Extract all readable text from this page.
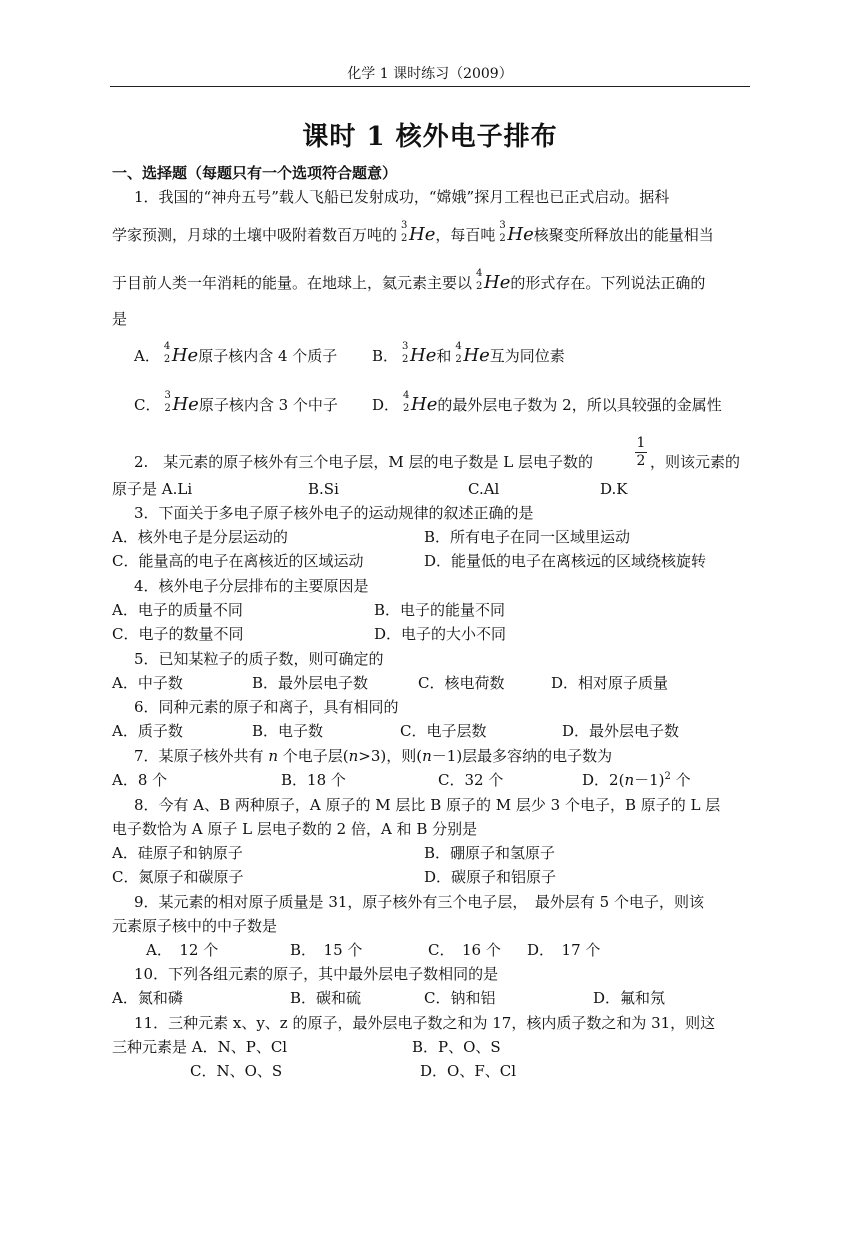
化学 1 课时练习（2009）
课时 1 核外电子排布
一、选择题（每题只有一个选项符合题意）
1．我国的“神舟五号”载人飞船已发射成功，“嫦娥”探月工程也已正式启动。据科
学家预测，月球的土壤中吸附着数百万吨的
3
2 He，每百吨
3
2 He核聚变所释放出的能量相当
于目前人类一年消耗的能量。在地球上，氦元素主要以
4
2 He的形式存在。下列说法正确的
是
A．
4
2 He原子核内含 4 个质子 B．
3
2 He和
4
2 He互为同位素
C．
3
2 He原子核内含 3 个中子 D．
4
2 He的最外层电子数为 2，所以具较强的金属性
2.　某元素的原子核外有三个电子层，M 层的电子数是 L 层电子数的
1
2 ，则该元素的
原子是 A.Li	B.Si	C.Al	D.K
3．下面关于多电子原子核外电子的运动规律的叙述正确的是
A．核外电子是分层运动的	B．所有电子在同一区域里运动
C．能量高的电子在离核近的区域运动	D．能量低的电子在离核远的区域绕核旋转
4．核外电子分层排布的主要原因是
A．电子的质量不同	B．电子的能量不同
C．电子的数量不同	D．电子的大小不同
5．已知某粒子的质子数，则可确定的
A．中子数	B．最外层电子数	C．核电荷数	D．相对原子质量
6．同种元素的原子和离子，具有相同的
A．质子数	B．电子数	C．电子层数	D．最外层电子数
7．某原子核外共有 n 个电子层(n>3)，则(n－1)层最多容纳的电子数为
A．8 个	B．18 个	C．32 个	D．$2(n-1)^2$ 个
8．今有 A、B 两种原子，A 原子的 M 层比 B 原子的 M 层少 3 个电子，B 原子的 L 层
电子数恰为 A 原子 L 层电子数的 2 倍，A 和 B 分别是
A．硅原子和钠原子	B．硼原子和氢原子
C．氮原子和碳原子	D．碳原子和铝原子
9．某元素的相对原子质量是 31，原子核外有三个电子层，　最外层有 5 个电子，则该
元素原子核中的中子数是
A．　12 个	B．　15 个	C．　16 个 D．　17 个
10．下列各组元素的原子，其中最外层电子数相同的是
A．氮和磷	B．碳和硫	C．钠和铝	D．氟和氖
11．三种元素 x、y、z 的原子，最外层电子数之和为 17，核内质子数之和为 31，则这
三种元素是 A．N、P、Cl	B．P、O、S
C．N、O、S	D．O、F、Cl
